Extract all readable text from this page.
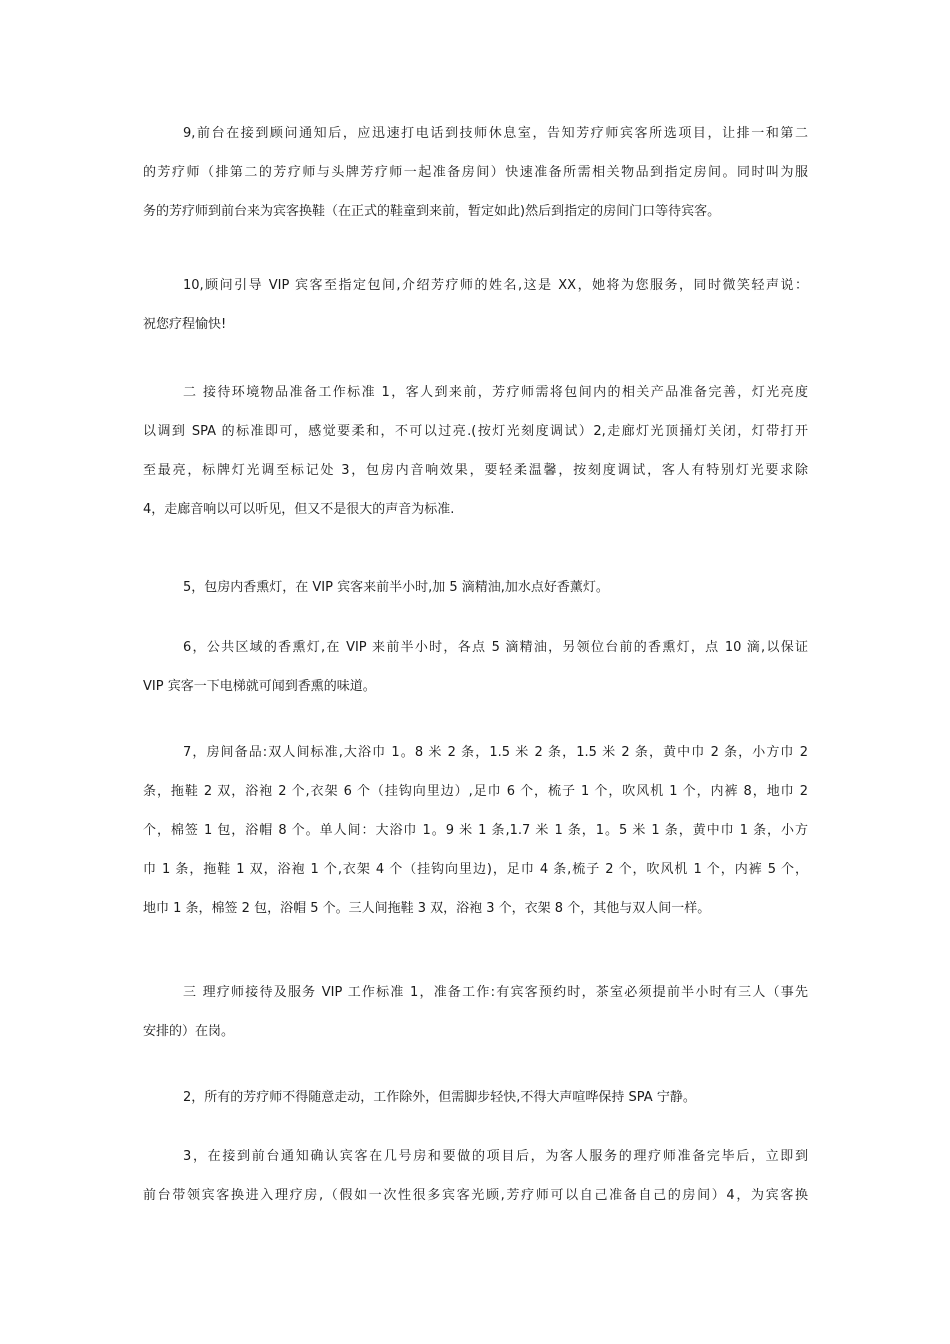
9,前台在接到顾问通知后，应迅速打电话到技师休息室，告知芳疗师宾客所选项目，让排一和第二
的芳疗师（排第二的芳疗师与头牌芳疗师一起准备房间）快速准备所需相关物品到指定房间。同时叫为服
务的芳疗师到前台来为宾客换鞋（在正式的鞋童到来前，暂定如此)然后到指定的房间门口等待宾客。
10,顾问引导 VIP 宾客至指定包间,介绍芳疗师的姓名,这是 XX，她将为您服务，同时微笑轻声说：
祝您疗程愉快!
二 接待环境物品准备工作标准 1，客人到来前，芳疗师需将包间内的相关产品准备完善，灯光亮度
以调到 SPA 的标准即可，感觉要柔和，不可以过亮.(按灯光刻度调试）2,走廊灯光顶捅灯关闭，灯带打开
至最亮，标牌灯光调至标记处 3，包房内音响效果，要轻柔温馨，按刻度调试，客人有特别灯光要求除
4，走廊音响以可以听见，但又不是很大的声音为标准.
5，包房内香熏灯，在 VIP 宾客来前半小时,加 5 滴精油,加水点好香薰灯。
6，公共区域的香熏灯,在 VIP 来前半小时，各点 5 滴精油，另领位台前的香熏灯，点 10 滴,以保证
VIP 宾客一下电梯就可闻到香熏的味道。
7，房间备品:双人间标准,大浴巾 1。8 米 2 条，1.5 米 2 条，1.5 米 2 条，黄中巾 2 条，小方巾 2
条，拖鞋 2 双，浴袍 2 个,衣架 6 个（挂钩向里边）,足巾 6 个，梳子 1 个，吹风机 1 个，内裤 8，地巾 2
个，棉签 1 包，浴帽 8 个。单人间：大浴巾 1。9 米 1 条,1.7 米 1 条，1。5 米 1 条，黄中巾 1 条，小方
巾 1 条，拖鞋 1 双，浴袍 1 个,衣架 4 个（挂钩向里边)，足巾 4 条,梳子 2 个，吹风机 1 个，内裤 5 个，
地巾 1 条，棉签 2 包，浴帽 5 个。三人间拖鞋 3 双，浴袍 3 个，衣架 8 个，其他与双人间一样。
三 理疗师接待及服务 VIP 工作标准 1，准备工作:有宾客预约时，茶室必须提前半小时有三人（事先
安排的）在岗。
2，所有的芳疗师不得随意走动，工作除外，但需脚步轻快,不得大声喧哗保持 SPA 宁静。
3，在接到前台通知确认宾客在几号房和要做的项目后，为客人服务的理疗师准备完毕后，立即到
前台带领宾客换进入理疗房,（假如一次性很多宾客光顾,芳疗师可以自己准备自己的房间）4，为宾客换
